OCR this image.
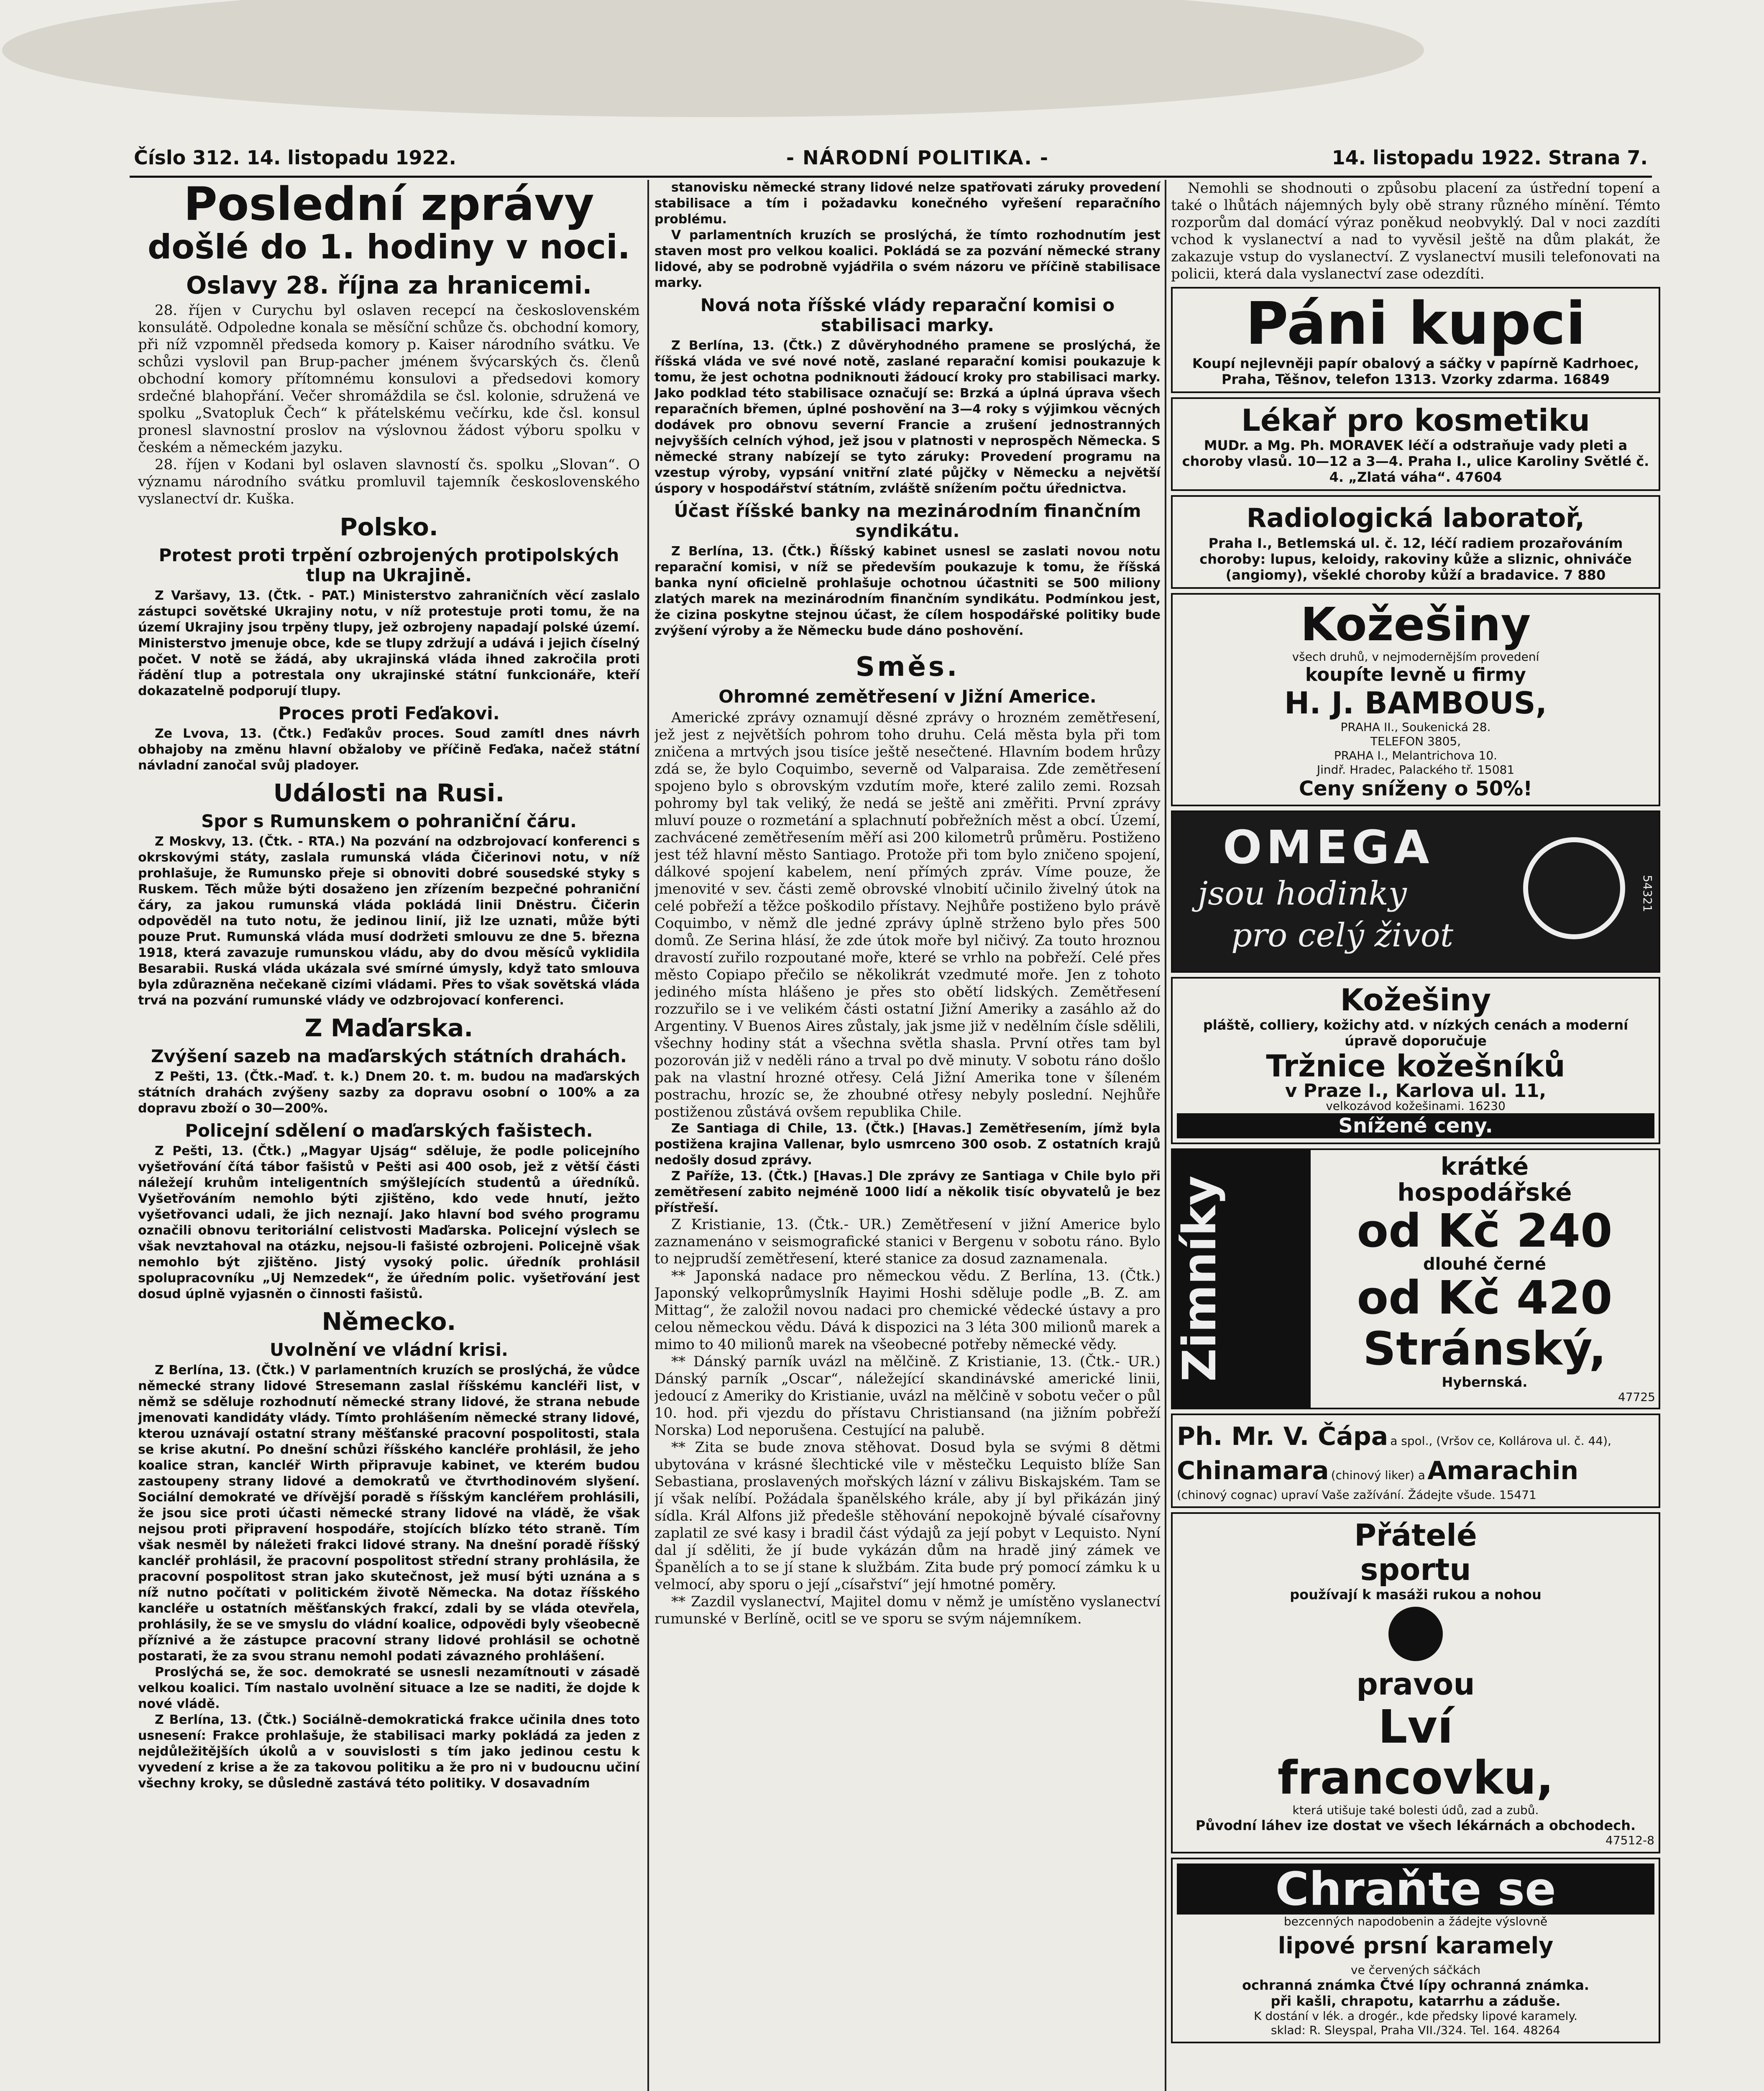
Číslo 312. 14. listopadu 1922.	- NÁRODNÍ POLITIKA. -	14. listopadu 1922. Strana 7.

Poslední zprávy

došlé do 1. hodiny v noci.

Oslavy 28. října za hranicemi.

28. říjen v Curychu byl oslaven recepcí na československém konsulátě. Odpoledne konala se měsíční schůze čs. obchodní komory, při níž vzpomněl předseda komory p. Kaiser národního svátku. Ve schůzi vyslovil pan Brup-pacher jménem švýcarských čs. členů obchodní komory přítomnému konsulovi a předsedovi komory srdečné blahopřání. Večer shromáždila se čsl. kolonie, sdružená ve spolku „Svatopluk Čech“ k přátelskému večírku, kde čsl. konsul pronesl slavnostní proslov na výslovnou žádost výboru spolku v českém a německém jazyku.

28. říjen v Kodani byl oslaven slavností čs. spolku „Slovan“. O významu národního svátku promluvil tajemník československého vyslanectví dr. Kuška.

Polsko.

Protest proti trpění ozbrojených protipolských tlup na Ukrajině.

Z Varšavy, 13. (Čtk. - PAT.) Ministerstvo zahraničních věcí zaslalo zástupci sovětské Ukrajiny notu, v níž protestuje proti tomu, že na území Ukrajiny jsou trpěny tlupy, jež ozbrojeny napadají polské území. Ministerstvo jmenuje obce, kde se tlupy zdržují a udává i jejich číselný počet. V notě se žádá, aby ukrajinská vláda ihned zakročila proti řádění tlup a potrestala ony ukrajinské státní funkcionáře, kteří dokazatelně podporují tlupy.

Proces proti Feďakovi.

Ze Lvova, 13. (Čtk.) Feďakův proces. Soud zamítl dnes návrh obhajoby na změnu hlavní obžaloby ve příčině Feďaka, načež státní návladní zanočal svůj pladoyer.

Události na Rusi.

Spor s Rumunskem o pohraniční čáru.

Z Moskvy, 13. (Čtk. - RTA.) Na pozvání na odzbrojovací konferenci s okrskovými státy, zaslala rumunská vláda Čičerinovi notu, v níž prohlašuje, že Rumunsko přeje si obnoviti dobré sousedské styky s Ruskem. Těch může býti dosaženo jen zřízením bezpečné pohraniční čáry, za jakou rumunská vláda pokládá linii Dněstru. Čičerin odpověděl na tuto notu, že jedinou linií, již lze uznati, může býti pouze Prut. Rumunská vláda musí dodržeti smlouvu ze dne 5. března 1918, která zavazuje rumunskou vládu, aby do dvou měsíců vyklidila Besarabii. Ruská vláda ukázala své smírné úmysly, když tato smlouva byla zdůrazněna nečekaně cizími vládami. Přes to však sovětská vláda trvá na pozvání rumunské vlády ve odzbrojovací konferenci.

Z Maďarska.

Zvýšení sazeb na maďarských státních drahách.

Z Pešti, 13. (Čtk.-Maď. t. k.) Dnem 20. t. m. budou na maďarských státních drahách zvýšeny sazby za dopravu osobní o 100% a za dopravu zboží o 30—200%.

Policejní sdělení o maďarských fašistech.

Z Pešti, 13. (Čtk.) „Magyar Ujság“ sděluje, že podle policejního vyšetřování čítá tábor fašistů v Pešti asi 400 osob, jež z větší části náležejí kruhům inteligentních smýšlejících studentů a úředníků. Vyšetřováním nemohlo býti zjištěno, kdo vede hnutí, ježto vyšetřovanci udali, že jich neznají. Jako hlavní bod svého programu označili obnovu teritoriální celistvosti Maďarska. Policejní výslech se však nevztahoval na otázku, nejsou-li fašisté ozbrojeni. Policejně však nemohlo být zjištěno. Jistý vysoký polic. úředník prohlásil spolupracovníku „Uj Nemzedek“, že úředním polic. vyšetřování jest dosud úplně vyjasněn o činnosti fašistů.

Německo.

Uvolnění ve vládní krisi.

Z Berlína, 13. (Čtk.) V parlamentních kruzích se proslýchá, že vůdce německé strany lidové Stresemann zaslal říšskému kancléři list, v němž se sděluje rozhodnutí německé strany lidové, že strana nebude jmenovati kandidáty vlády. Tímto prohlášením německé strany lidové, kterou uznávají ostatní strany měšťanské pracovní pospolitosti, stala se krise akutní. Po dnešní schůzi říšského kancléře prohlásil, že jeho koalice stran, kancléř Wirth připravuje kabinet, ve kterém budou zastoupeny strany lidové a demokratů ve čtvrthodinovém slyšení. Sociální demokraté ve dřívější poradě s říšským kancléřem prohlásili, že jsou sice proti účasti německé strany lidové na vládě, že však nejsou proti připravení hospodáře, stojících blízko této straně. Tím však nesměl by náležeti frakci lidové strany. Na dnešní poradě říšský kancléř prohlásil, že pracovní pospolitost střední strany prohlásila, že pracovní pospolitost stran jako skutečnost, jež musí býti uznána a s níž nutno počítati v politickém životě Německa. Na dotaz říšského kancléře u ostatních měšťanských frakcí, zdali by se vláda otevřela, prohlásily, že se ve smyslu do vládní koalice, odpovědi byly všeobecně příznivé a že zástupce pracovní strany lidové prohlásil se ochotně postarati, že za svou stranu nemohl podati závazného prohlášení.

Proslýchá se, že soc. demokraté se usnesli nezamítnouti v zásadě velkou koalici. Tím nastalo uvolnění situace a lze se naditi, že dojde k nové vládě.

Z Berlína, 13. (Čtk.) Sociálně-demokratická frakce učinila dnes toto usnesení: Frakce prohlašuje, že stabilisaci marky pokládá za jeden z nejdůležitějších úkolů a v souvislosti s tím jako jedinou cestu k vyvedení z krise a že za takovou politiku a že pro ni v budoucnu učiní všechny kroky, se důsledně zastává této politiky. V dosavadním

stanovisku německé strany lidové nelze spatřovati záruky provedení stabilisace a tím i požadavku konečného vyřešení reparačního problému.

V parlamentních kruzích se proslýchá, že tímto rozhodnutím jest staven most pro velkou koalici. Pokládá se za pozvání německé strany lidové, aby se podrobně vyjádřila o svém názoru ve příčině stabilisace marky.

Nová nota říšské vlády reparační komisi o stabilisaci marky.

Z Berlína, 13. (Čtk.) Z důvěryhodného pramene se proslýchá, že říšská vláda ve své nové notě, zaslané reparační komisi poukazuje k tomu, že jest ochotna podniknouti žádoucí kroky pro stabilisaci marky. Jako podklad této stabilisace označují se: Brzká a úplná úprava všech reparačních břemen, úplné poshovění na 3—4 roky s výjimkou věcných dodávek pro obnovu severní Francie a zrušení jednostranných nejvyšších celních výhod, jež jsou v platnosti v neprospěch Německa. S německé strany nabízejí se tyto záruky: Provedení programu na vzestup výroby, vypsání vnitřní zlaté půjčky v Německu a největší úspory v hospodářství státním, zvláště snížením počtu úřednictva.

Účast říšské banky na mezinárodním finančním syndikátu.

Z Berlína, 13. (Čtk.) Říšský kabinet usnesl se zaslati novou notu reparační komisi, v níž se především poukazuje k tomu, že říšská banka nyní oficielně prohlašuje ochotnou účastniti se 500 miliony zlatých marek na mezinárodním finančním syndikátu. Podmínkou jest, že cizina poskytne stejnou účast, že cílem hospodářské politiky bude zvýšení výroby a že Německu bude dáno poshovění.

Směs.

Ohromné zemětřesení v Jižní Americe.

Americké zprávy oznamují děsné zprávy o hrozném zemětřesení, jež jest z největších pohrom toho druhu. Celá města byla při tom zničena a mrtvých jsou tisíce ještě nesečtené. Hlavním bodem hrůzy zdá se, že bylo Coquimbo, severně od Valparaisa. Zde zemětřesení spojeno bylo s obrovským vzdutím moře, které zalilo zemi. Rozsah pohromy byl tak veliký, že nedá se ještě ani změřiti. První zprávy mluví pouze o rozmetání a splachnutí pobřežních měst a obcí. Území, zachvácené zemětřesením měří asi 200 kilometrů průměru. Postiženo jest též hlavní město Santiago. Protože při tom bylo zničeno spojení, dálkové spojení kabelem, není přímých zpráv. Víme pouze, že jmenovité v sev. části země obrovské vlnobití učinilo živelný útok na celé pobřeží a těžce poškodilo přístavy. Nejhůře postiženo bylo právě Coquimbo, v němž dle jedné zprávy úplně strženo bylo přes 500 domů. Ze Serina hlásí, že zde útok moře byl ničivý. Za touto hroznou dravostí zuřilo rozpoutané moře, které se vrhlo na pobřeží. Celé přes město Copiapo přečilo se několikrát vzedmuté moře. Jen z tohoto jediného místa hlášeno je přes sto obětí lidských. Zemětřesení rozzuřilo se i ve velikém části ostatní Jižní Ameriky a zasáhlo až do Argentiny. V Buenos Aires zůstaly, jak jsme již v nedělním čísle sdělili, všechny hodiny stát a všechna světla shasla. První otřes tam byl pozorován již v neděli ráno a trval po dvě minuty. V sobotu ráno došlo pak na vlastní hrozné otřesy. Celá Jižní Amerika tone v šíleném postrachu, hrozíc se, že zhoubné otřesy nebyly poslední. Nejhůře postiženou zůstává ovšem republika Chile.

Ze Santiaga di Chile, 13. (Čtk.) [Havas.] Zemětřesením, jímž byla postižena krajina Vallenar, bylo usmrceno 300 osob. Z ostatních krajů nedošly dosud zprávy.

Z Paříže, 13. (Čtk.) [Havas.] Dle zprávy ze Santiaga v Chile bylo při zemětřesení zabito nejméně 1000 lidí a několik tisíc obyvatelů je bez přístřeší.

Z Kristianie, 13. (Čtk.- UR.) Zemětřesení v jižní Americe bylo zaznamenáno v seismografické stanici v Bergenu v sobotu ráno. Bylo to nejprudší zemětřesení, které stanice za dosud zaznamenala.

** Japonská nadace pro německou vědu. Z Berlína, 13. (Čtk.) Japonský velkoprůmyslník Hayimi Hoshi sděluje podle „B. Z. am Mittag“, že založil novou nadaci pro chemické vědecké ústavy a pro celou německou vědu. Dává k dispozici na 3 léta 300 milionů marek a mimo to 40 milionů marek na všeobecné potřeby německé vědy.

** Dánský parník uvázl na mělčině. Z Kristianie, 13. (Čtk.- UR.) Dánský parník „Oscar“, náležející skandinávské americké linii, jedoucí z Ameriky do Kristianie, uvázl na mělčině v sobotu večer o půl 10. hod. při vjezdu do přístavu Christiansand (na jižním pobřeží Norska) Lod neporušena. Cestující na palubě.

** Zita se bude znova stěhovat. Dosud byla se svými 8 dětmi ubytována v krásné šlechtické vile v městečku Lequisto blíže San Sebastiana, proslavených mořských lázní v zálivu Biskajském. Tam se jí však nelíbí. Požádala španělského krále, aby jí byl přikázán jiný sídla. Král Alfons již předešle stěhování nepokojně bývalé císařovny zaplatil ze své kasy i bradil část výdajů za její pobyt v Lequisto. Nyní dal jí sděliti, že jí bude vykázán dům na hradě jiný zámek ve Španělích a to se jí stane k službám. Zita bude prý pomocí zámku k u velmocí, aby sporu o její „císařství“ její hmotné poměry.

** Zazdil vyslanectví, Majitel domu v němž je umístěno vyslanectví rumunské v Berlíně, ocitl se ve sporu se svým nájemníkem.

Nemohli se shodnouti o způsobu placení za ústřední topení a také o lhůtách nájemných byly obě strany různého mínění. Témto rozporům dal domácí výraz poněkud neobvyklý. Dal v noci zazdíti vchod k vyslanectví a nad to vyvěsil ještě na dům plakát, že zakazuje vstup do vyslanectví. Z vyslanectví musili telefonovati na policii, která dala vyslanectví zase odezdíti.

Páni kupci
Koupí nejlevněji papír obalový a sáčky v papírně Kadrhoec, Praha, Těšnov, telefon 1313. Vzorky zdarma. 16849
Lékař pro kosmetiku
MUDr. a Mg. Ph. MORAVEK léčí a odstraňuje vady pleti a choroby vlasů. 10—12 a 3—4. Praha I., ulice Karoliny Světlé č. 4. „Zlatá váha“. 47604
Radiologická laboratoř,
Praha I., Betlemská ul. č. 12, léčí radiem prozařováním choroby: lupus, keloidy, rakoviny kůže a sliznic, ohniváče (angiomy), všeklé choroby kůží a bradavice. 7 880
Kožešiny
všech druhů, v nejmodernějším provedení
koupíte levně u firmy
H. J. BAMBOUS,
PRAHA II., Soukenická 28.
TELEFON 3805,
PRAHA I., Melantrichova 10.
Jindř. Hradec, Palackého tř. 15081
Ceny sníženy o 50%!
OMEGA
jsou hodinky
pro celý život
54321
Kožešiny
pláště, colliery, kožichy atd. v nízkých cenách a moderní úpravě doporučuje
Tržnice kožešníků
v Praze I., Karlova ul. 11,
velkozávod kožešinami. 16230
Snížené ceny.
Zimníky
krátké
hospodářské
od Kč 240
dlouhé černé
od Kč 420
Stránský,
Hybernská.
47725
Ph. Mr. V. Čápa a spol., (Vršov ce, Kollárova ul. č. 44),
Chinamara (chinový liker) a Amarachin
(chinový cognac) upraví Vaše zažívání. Žádejte všude. 15471
Přátelé
sportu
používají k masáži rukou a nohou
pravou
Lví
francovku,
která utišuje také bolesti údů, zad a zubů.
Původní láhev ize dostat ve všech lékárnách a obchodech.
47512-8
Chraňte se
bezcenných napodobenin a žádejte výslovně
lipové prsní karamely
ve červených sáčkách
ochranná známka Čtvé lípy ochranná známka.
při kašli, chrapotu, katarrhu a záduše.
K dostání v lék. a drogér., kde předsky lipové karamely.
sklad: R. Sleyspal, Praha VII./324. Tel. 164. 48264
